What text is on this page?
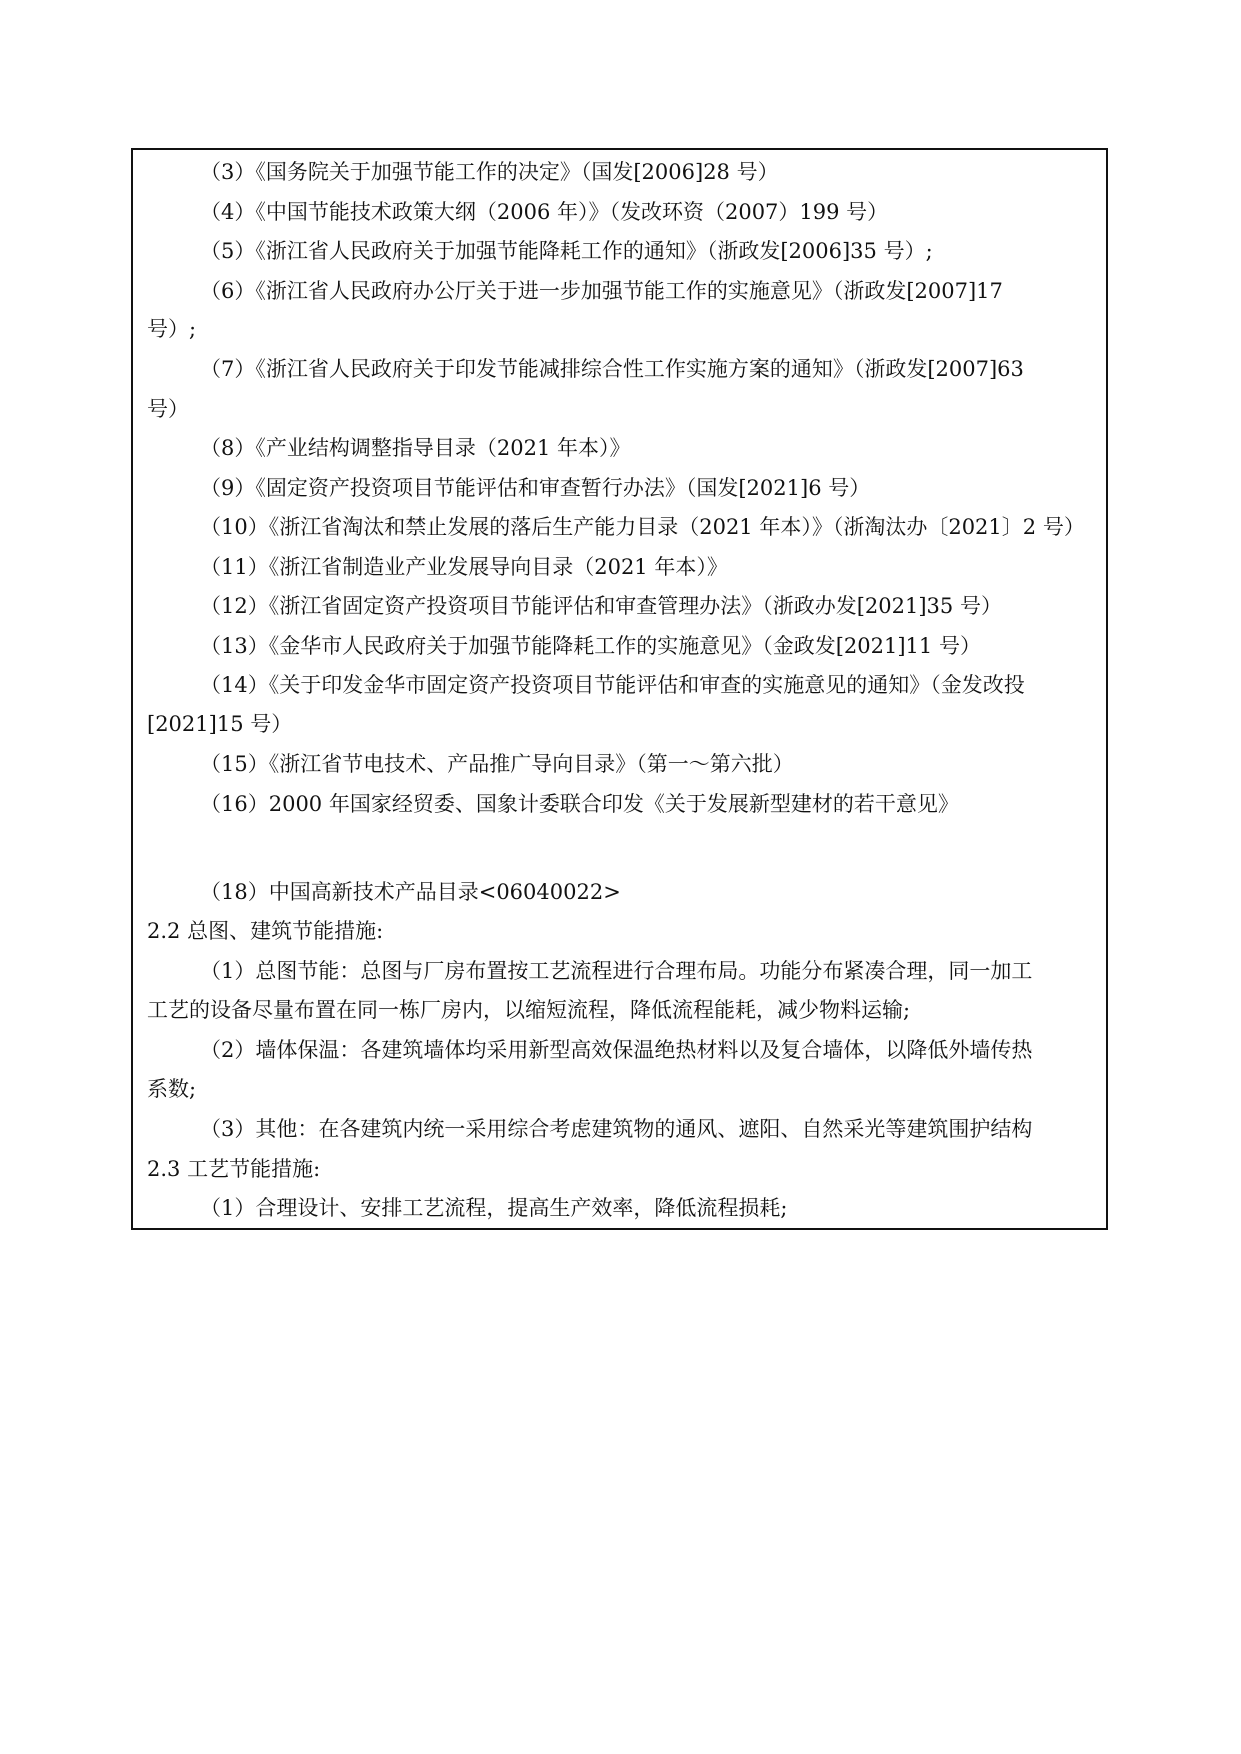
（3）《国务院关于加强节能工作的决定》（国发[2006]28 号）
（4）《中国节能技术政策大纲（2006 年）》（发改环资（2007）199 号）
（5）《浙江省人民政府关于加强节能降耗工作的通知》（浙政发[2006]35 号）;
（6）《浙江省人民政府办公厅关于进一步加强节能工作的实施意见》（浙政发[2007]17
号）;
（7）《浙江省人民政府关于印发节能减排综合性工作实施方案的通知》（浙政发[2007]63
号）
（8）《产业结构调整指导目录（2021 年本）》
（9）《固定资产投资项目节能评估和审查暂行办法》（国发[2021]6 号）
（10）《浙江省淘汰和禁止发展的落后生产能力目录（2021 年本）》（浙淘汰办〔2021〕2 号）
（11）《浙江省制造业产业发展导向目录（2021 年本）》
（12）《浙江省固定资产投资项目节能评估和审查管理办法》（浙政办发[2021]35 号）
（13）《金华市人民政府关于加强节能降耗工作的实施意见》（金政发[2021]11 号）
（14）《关于印发金华市固定资产投资项目节能评估和审查的实施意见的通知》（金发改投
[2021]15 号）
（15）《浙江省节电技术、产品推广导向目录》（第一～第六批）
（16）2000 年国家经贸委、国象计委联合印发《关于发展新型建材的若干意见》
（18）中国高新技术产品目录<06040022>
2.2 总图、建筑节能措施:
（1）总图节能：总图与厂房布置按工艺流程进行合理布局。功能分布紧凑合理，同一加工
工艺的设备尽量布置在同一栋厂房内，以缩短流程，降低流程能耗，减少物料运输;
（2）墙体保温：各建筑墙体均采用新型高效保温绝热材料以及复合墙体，以降低外墙传热
系数;
（3）其他：在各建筑内统一采用综合考虑建筑物的通风、遮阳、自然采光等建筑围护结构
2.3 工艺节能措施:
（1）合理设计、安排工艺流程，提高生产效率，降低流程损耗;
